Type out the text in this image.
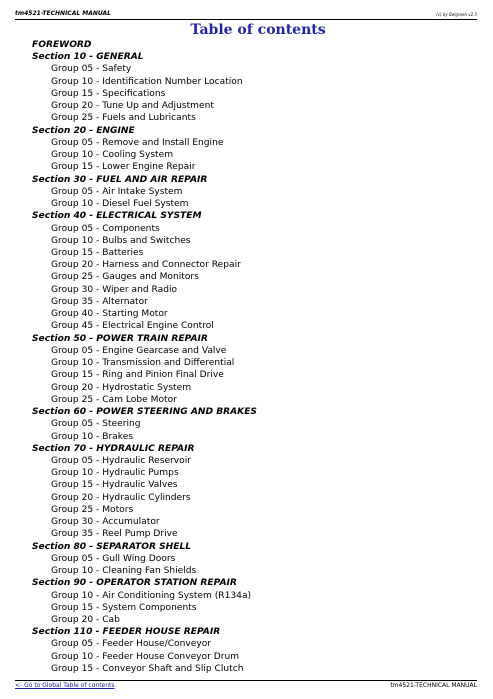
tm4521-TECHNICAL MANUAL	(c) by Belgreen v2.5
Table of contents
FOREWORD
Section 10 - GENERAL
Group 05 - Safety
Group 10 - Identification Number Location
Group 15 - Specifications
Group 20 - Tune Up and Adjustment
Group 25 - Fuels and Lubricants
Section 20 - ENGINE
Group 05 - Remove and Install Engine
Group 10 - Cooling System
Group 15 - Lower Engine Repair
Section 30 - FUEL AND AIR REPAIR
Group 05 - Air Intake System
Group 10 - Diesel Fuel System
Section 40 - ELECTRICAL SYSTEM
Group 05 - Components
Group 10 - Bulbs and Switches
Group 15 - Batteries
Group 20 - Harness and Connector Repair
Group 25 - Gauges and Monitors
Group 30 - Wiper and Radio
Group 35 - Alternator
Group 40 - Starting Motor
Group 45 - Electrical Engine Control
Section 50 - POWER TRAIN REPAIR
Group 05 - Engine Gearcase and Valve
Group 10 - Transmission and Differential
Group 15 - Ring and Pinion Final Drive
Group 20 - Hydrostatic System
Group 25 - Cam Lobe Motor
Section 60 - POWER STEERING AND BRAKES
Group 05 - Steering
Group 10 - Brakes
Section 70 - HYDRAULIC REPAIR
Group 05 - Hydraulic Reservoir
Group 10 - Hydraulic Pumps
Group 15 - Hydraulic Valves
Group 20 - Hydraulic Cylinders
Group 25 - Motors
Group 30 - Accumulator
Group 35 - Reel Pump Drive
Section 80 - SEPARATOR SHELL
Group 05 - Gull Wing Doors
Group 10 - Cleaning Fan Shields
Section 90 - OPERATOR STATION REPAIR
Group 10 - Air Conditioning System (R134a)
Group 15 - System Components
Group 20 - Cab
Section 110 - FEEDER HOUSE REPAIR
Group 05 - Feeder House/Conveyor
Group 10 - Feeder House Conveyor Drum
Group 15 - Conveyor Shaft and Slip Clutch
<- Go to Global Table of contents	tm4521-TECHNICAL MANUAL
